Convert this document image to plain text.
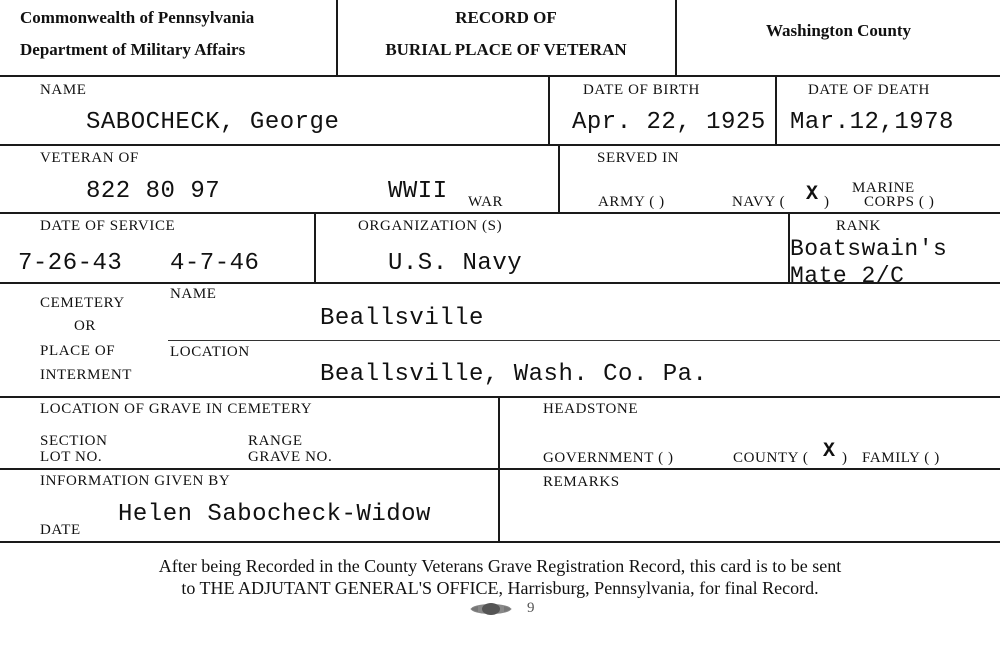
Commonwealth of Pennsylvania
Department of Military Affairs
RECORD OF
BURIAL PLACE OF VETERAN
Washington County
NAME
SABOCHECK, George
DATE OF BIRTH
Apr. 22, 1925
DATE OF DEATH
Mar.12,1978
VETERAN OF
822 80 97	WWII WAR
SERVED IN
ARMY ( )	NAVY ( X )
MARINE
CORPS ( )
DATE OF SERVICE
7-26-43 4-7-46
ORGANIZATION (S)
U.S. Navy
RANK
Boatswain's
Mate 2/C
CEMETERY
OR
PLACE OF
INTERMENT
NAME
Beallsville
LOCATION
Beallsville, Wash. Co. Pa.
LOCATION OF GRAVE IN CEMETERY
SECTION
LOT NO.
RANGE
GRAVE NO.
HEADSTONE
GOVERNMENT ( )	COUNTY ( X ) FAMILY ( )
INFORMATION GIVEN BY
Helen Sabocheck-Widow
DATE
REMARKS
After being Recorded in the County Veterans Grave Registration Record, this card is to be sent
to THE ADJUTANT GENERAL'S OFFICE, Harrisburg, Pennsylvania, for final Record.
9
